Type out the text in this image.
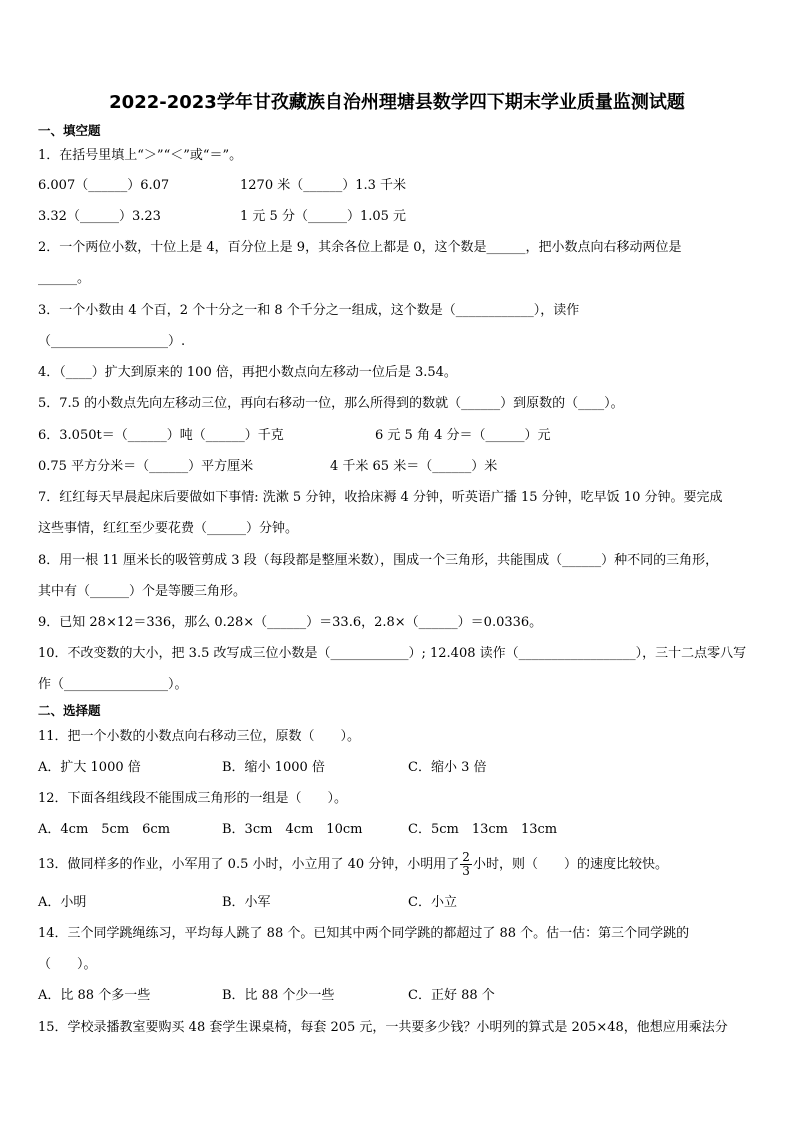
2022-2023学年甘孜藏族自治州理塘县数学四下期末学业质量监测试题
一、填空题
1．在括号里填上“＞”“＜”或“＝”。
6.007（______）6.07	1270 米（______）1.3 千米
3.32（______）3.23	1 元 5 分（______）1.05 元
2．一个两位小数，十位上是 4，百分位上是 9，其余各位上都是 0，这个数是______，把小数点向右移动两位是
______。
3．一个小数由 4 个百，2 个十分之一和 8 个千分之一组成，这个数是（____________），读作
（__________________）.
4．（____）扩大到原来的 100 倍，再把小数点向左移动一位后是 3.54。
5．7.5 的小数点先向左移动三位，再向右移动一位，那么所得到的数就（______）到原数的（____）。
6．3.050t＝（______）吨（______）千克	6 元 5 角 4 分＝（______）元
0.75 平方分米＝（______）平方厘米	4 千米 65 米＝（______）米
7．红红每天早晨起床后要做如下事情: 洗漱 5 分钟，收拾床褥 4 分钟，听英语广播 15 分钟，吃早饭 10 分钟。要完成
这些事情，红红至少要花费（______）分钟。
8．用一根 11 厘米长的吸管剪成 3 段（每段都是整厘米数），围成一个三角形，共能围成（______）种不同的三角形，
其中有（______）个是等腰三角形。
9．已知 28×12＝336，那么 0.28×（______）＝33.6，2.8×（______）＝0.0336。
10．不改变数的大小，把 3.5 改写成三位小数是（____________）; 12.408 读作（__________________），三十二点零八写
作（________________）。
二、选择题
11．把一个小数的小数点向右移动三位，原数（　　）。
A．扩大 1000 倍	B．缩小 1000 倍	C．缩小 3 倍
12．下面各组线段不能围成三角形的一组是（　　）。
A．4cm　5cm　6cm	B．3cm　4cm　10cm	C．5cm　13cm　13cm
13．做同样多的作业，小军用了 0.5 小时，小立用了 40 分钟，小明用了 $\frac{2}{3}$ 小时，则（　　）的速度比较快。
A．小明	B．小军	C．小立
14．三个同学跳绳练习，平均每人跳了 88 个。已知其中两个同学跳的都超过了 88 个。估一估：第三个同学跳的
（　　）。
A．比 88 个多一些	B．比 88 个少一些	C．正好 88 个
15．学校录播教室要购买 48 套学生课桌椅，每套 205 元，一共要多少钱？小明列的算式是 205×48，他想应用乘法分
